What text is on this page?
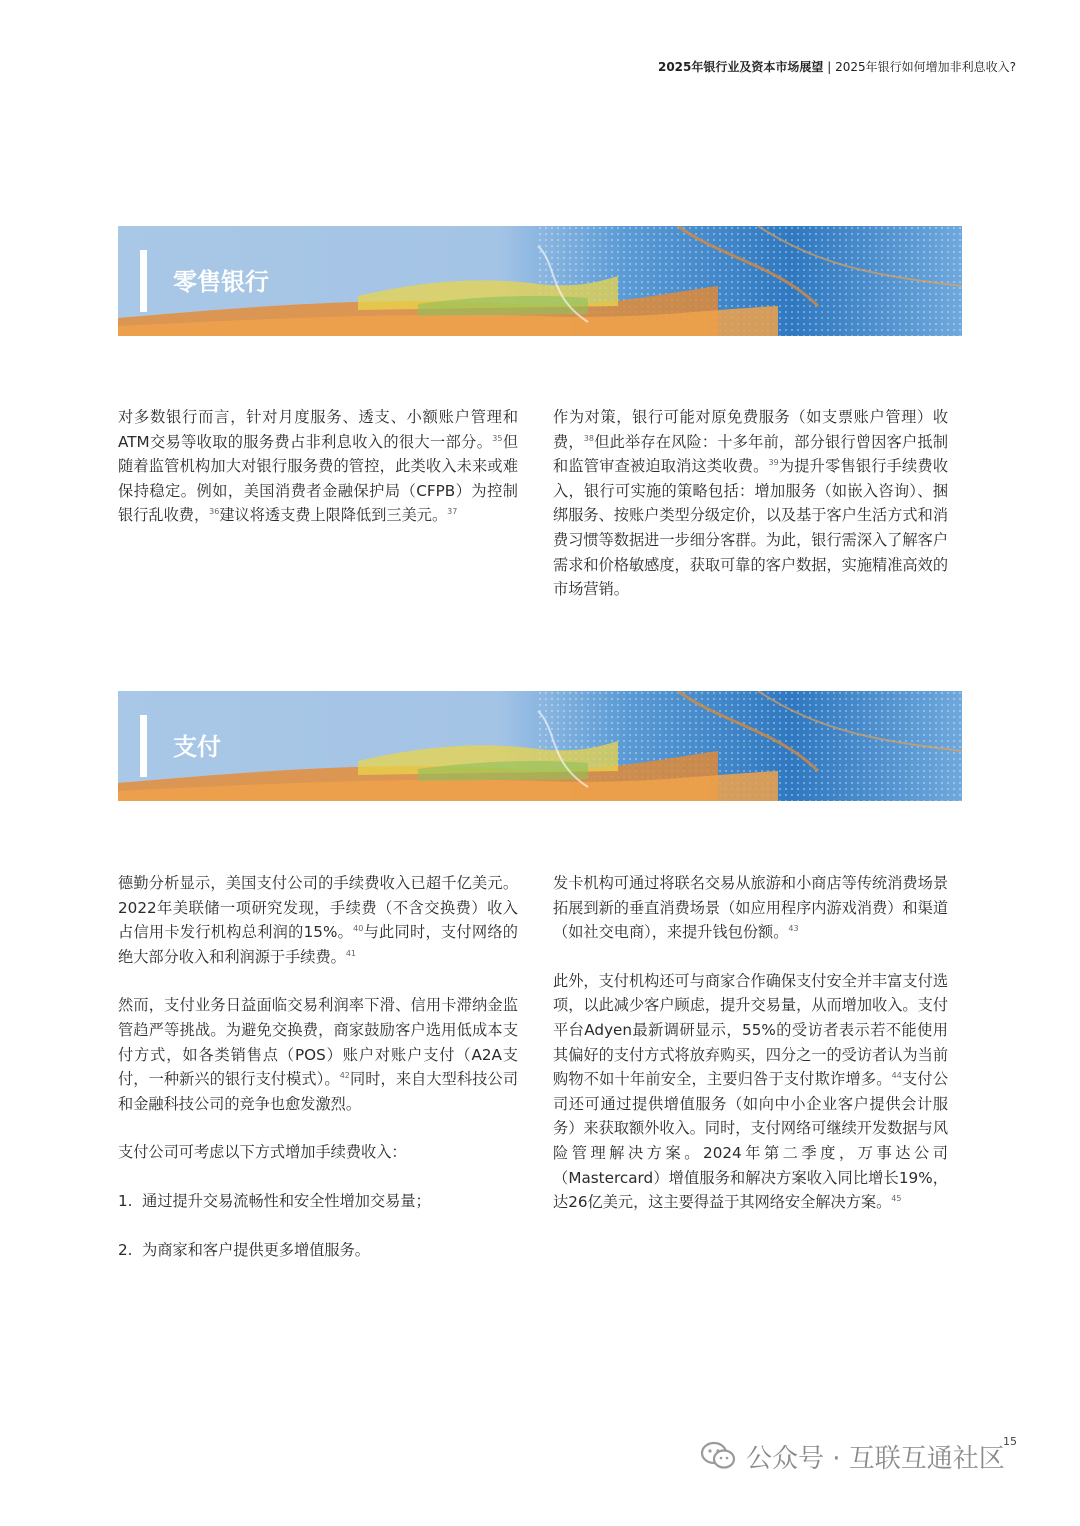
2025年银行业及资本市场展望 | 2025年银行如何增加非利息收入?
零售银行

对多数银行而言，针对月度服务、透支、小额账户管理和ATM交易等收取的服务费占非利息收入的很大一部分。$^{35}$但随着监管机构加大对银行服务费的管控，此类收入未来或难保持稳定。例如，美国消费者金融保护局（CFPB）为控制银行乱收费，$^{36}$建议将透支费上限降低到三美元。$^{37}$

作为对策，银行可能对原免费服务（如支票账户管理）收费，$^{38}$但此举存在风险：十多年前，部分银行曾因客户抵制和监管审查被迫取消这类收费。$^{39}$为提升零售银行手续费收入，银行可实施的策略包括：增加服务（如嵌入咨询）、捆绑服务、按账户类型分级定价，以及基于客户生活方式和消费习惯等数据进一步细分客群。为此，银行需深入了解客户需求和价格敏感度，获取可靠的客户数据，实施精准高效的市场营销。

支付

德勤分析显示，美国支付公司的手续费收入已超千亿美元。2022年美联储一项研究发现，手续费（不含交换费）收入占信用卡发行机构总利润的15%。$^{40}$与此同时，支付网络的绝大部分收入和利润源于手续费。$^{41}$

然而，支付业务日益面临交易利润率下滑、信用卡滞纳金监管趋严等挑战。为避免交换费，商家鼓励客户选用低成本支付方式，如各类销售点（POS）账户对账户支付（A2A支付，一种新兴的银行支付模式）。$^{42}$同时，来自大型科技公司和金融科技公司的竞争也愈发激烈。

支付公司可考虑以下方式增加手续费收入：

1. 通过提升交易流畅性和安全性增加交易量；

2. 为商家和客户提供更多增值服务。

发卡机构可通过将联名交易从旅游和小商店等传统消费场景拓展到新的垂直消费场景（如应用程序内游戏消费）和渠道（如社交电商），来提升钱包份额。$^{43}$

此外，支付机构还可与商家合作确保支付安全并丰富支付选项，以此减少客户顾虑，提升交易量，从而增加收入。支付平台Adyen最新调研显示，55%的受访者表示若不能使用其偏好的支付方式将放弃购买，四分之一的受访者认为当前购物不如十年前安全，主要归咎于支付欺诈增多。$^{44}$支付公司还可通过提供增值服务（如向中小企业客户提供会计服务）来获取额外收入。同时，支付网络可继续开发数据与风险管理解决方案。2024年第二季度，万事达公司（Mastercard）增值服务和解决方案收入同比增长19%，达26亿美元，这主要得益于其网络安全解决方案。$^{45}$

15
公众号 · 互联互通社区
